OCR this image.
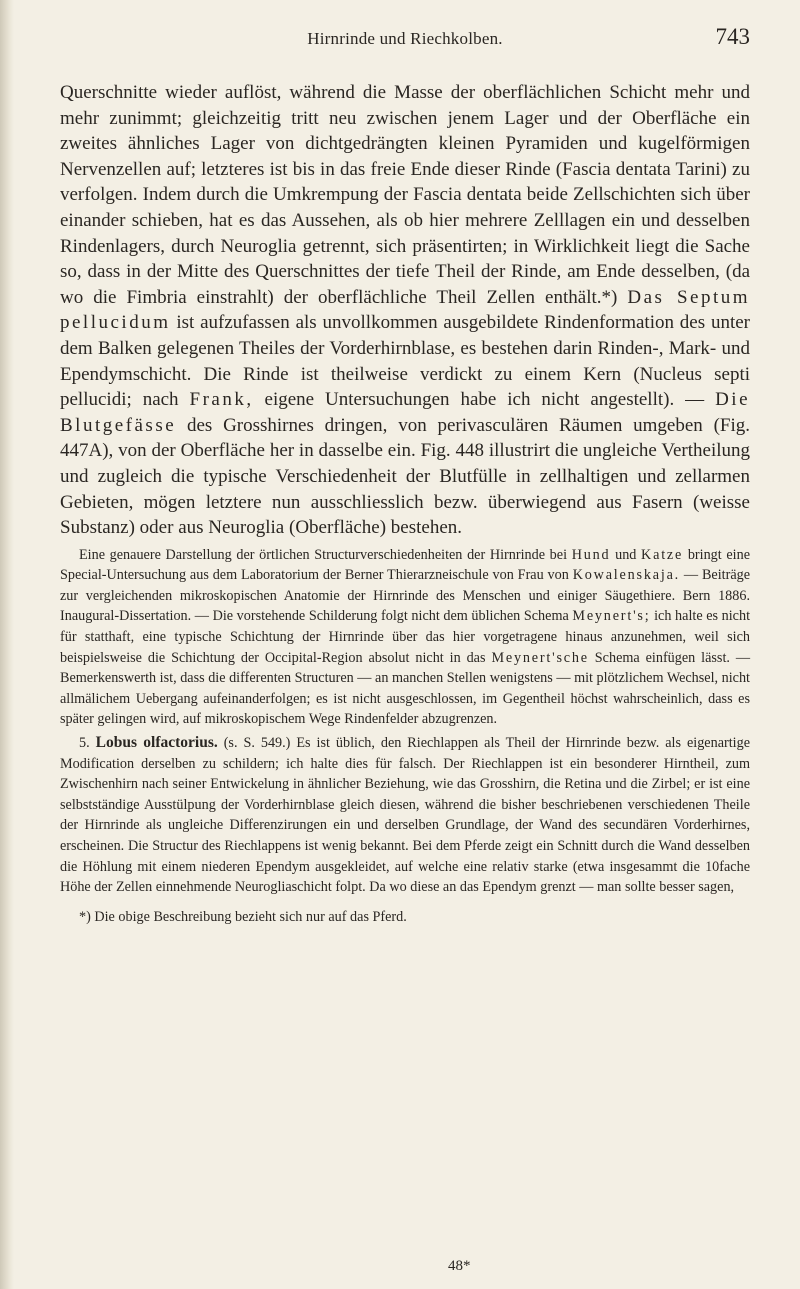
Hirnrinde und Riechkolben.	743
Querschnitte wieder auflöst, während die Masse der oberflächlichen Schicht mehr und mehr zunimmt; gleichzeitig tritt neu zwischen jenem Lager und der Oberfläche ein zweites ähnliches Lager von dichtgedrängten kleinen Pyramiden und kugelförmigen Nervenzellen auf; letzteres ist bis in das freie Ende dieser Rinde (Fascia dentata Tarini) zu verfolgen. Indem durch die Umkrempung der Fascia dentata beide Zellschichten sich über einander schieben, hat es das Aussehen, als ob hier mehrere Zelllagen ein und desselben Rindenlagers, durch Neuroglia getrennt, sich präsentirten; in Wirklichkeit liegt die Sache so, dass in der Mitte des Querschnittes der tiefe Theil der Rinde, am Ende desselben, (da wo die Fimbria einstrahlt) der oberflächliche Theil Zellen enthält.*) Das Septum pellucidum ist aufzufassen als unvollkommen ausgebildete Rindenformation des unter dem Balken gelegenen Theiles der Vorderhirnblase, es bestehen darin Rinden-, Mark- und Ependymschicht. Die Rinde ist theilweise verdickt zu einem Kern (Nucleus septi pellucidi; nach Frank, eigene Untersuchungen habe ich nicht angestellt). — Die Blutgefässe des Grosshirnes dringen, von perivasculären Räumen umgeben (Fig. 447A), von der Oberfläche her in dasselbe ein. Fig. 448 illustrirt die ungleiche Vertheilung und zugleich die typische Verschiedenheit der Blutfülle in zellhaltigen und zellarmen Gebieten, mögen letztere nun ausschliesslich bezw. überwiegend aus Fasern (weisse Substanz) oder aus Neuroglia (Oberfläche) bestehen.

Eine genauere Darstellung der örtlichen Structurverschiedenheiten der Hirnrinde bei Hund und Katze bringt eine Special-Untersuchung aus dem Laboratorium der Berner Thierarzneischule von Frau von Kowalenskaja. — Beiträge zur vergleichenden mikroskopischen Anatomie der Hirnrinde des Menschen und einiger Säugethiere. Bern 1886. Inaugural-Dissertation. — Die vorstehende Schilderung folgt nicht dem üblichen Schema Meynert's; ich halte es nicht für statthaft, eine typische Schichtung der Hirnrinde über das hier vorgetragene hinaus anzunehmen, weil sich beispielsweise die Schichtung der Occipital-Region absolut nicht in das Meynert'sche Schema einfügen lässt. — Bemerkenswerth ist, dass die differenten Structuren — an manchen Stellen wenigstens — mit plötzlichem Wechsel, nicht allmälichem Uebergang aufeinanderfolgen; es ist nicht ausgeschlossen, im Gegentheil höchst wahrscheinlich, dass es später gelingen wird, auf mikroskopischem Wege Rindenfelder abzugrenzen.

5. Lobus olfactorius. (s. S. 549.) Es ist üblich, den Riechlappen als Theil der Hirnrinde bezw. als eigenartige Modification derselben zu schildern; ich halte dies für falsch. Der Riechlappen ist ein besonderer Hirntheil, zum Zwischenhirn nach seiner Entwickelung in ähnlicher Beziehung, wie das Grosshirn, die Retina und die Zirbel; er ist eine selbstständige Ausstülpung der Vorderhirnblase gleich diesen, während die bisher beschriebenen verschiedenen Theile der Hirnrinde als ungleiche Differenzirungen ein und derselben Grundlage, der Wand des secundären Vorderhirnes, erscheinen. Die Structur des Riechlappens ist wenig bekannt. Bei dem Pferde zeigt ein Schnitt durch die Wand desselben die Höhlung mit einem niederen Ependym ausgekleidet, auf welche eine relativ starke (etwa insgesammt die 10fache Höhe der Zellen einnehmende Neurogliaschicht folpt. Da wo diese an das Ependym grenzt — man sollte besser sagen,

*) Die obige Beschreibung bezieht sich nur auf das Pferd.
48*
